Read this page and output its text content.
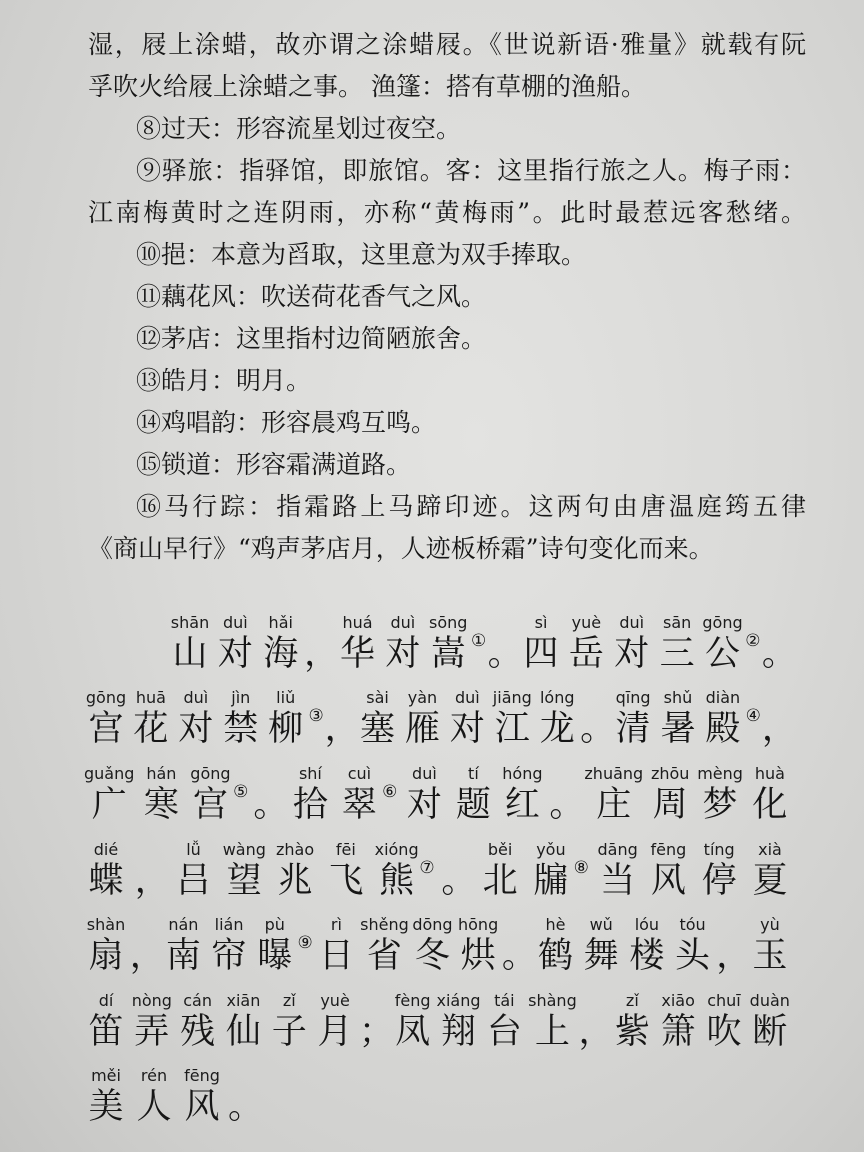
湿，屐上涂蜡，故亦谓之涂蜡屐。《世说新语·雅量》就载有阮
孚吹火给屐上涂蜡之事。 渔篷：搭有草棚的渔船。
⑧过天：形容流星划过夜空。
⑨驿旅：指驿馆，即旅馆。客：这里指行旅之人。梅子雨：
江南梅黄时之连阴雨，亦称“黄梅雨”。此时最惹远客愁绪。
⑩挹：本意为舀取，这里意为双手捧取。
⑪藕花风：吹送荷花香气之风。
⑫茅店：这里指村边简陋旅舍。
⑬皓月：明月。
⑭鸡唱韵：形容晨鸡互鸣。
⑮锁道：形容霜满道路。
⑯马行踪：指霜路上马蹄印迹。这两句由唐温庭筠五律
《商山早行》“鸡声茅店月，人迹板桥霜”诗句变化而来。
shān
山
duì
对
hǎi
海 ，
huá
华
duì
对
sōng
嵩 ① 。
sì
四
yuè
岳
duì
对
sān
三
gōng
公 ② 。
gōng
宫
huā
花
duì
对
jìn
禁
liǔ
柳 ③ ，
sài
塞
yàn
雁
duì
对
jiāng
江
lóng
龙 。
qīng
清
shǔ
暑
diàn
殿 ④ ，
guǎng
广
hán
寒
gōng
宫 ⑤ 。
shí
拾
cuì
翠 ⑥
duì
对
tí
题
hóng
红 。
zhuāng
庄
zhōu
周
mèng
梦
huà
化
dié
蝶 ，
lǚ
吕
wàng
望
zhào
兆
fēi
飞
xióng
熊 ⑦ 。
běi
北
yǒu
牖 ⑧
dāng
当
fēng
风
tíng
停
xià
夏
shàn
扇 ，
nán
南
lián
帘
pù
曝 ⑨
rì
日
shěng
省
dōng
冬
hōng
烘 。
hè
鹤
wǔ
舞
lóu
楼
tóu
头 ，
yù
玉
dí
笛
nòng
弄
cán
残
xiān
仙
zǐ
子
yuè
月 ；
fèng
凤
xiáng
翔
tái
台
shàng
上 ，
zǐ
紫
xiāo
箫
chuī
吹
duàn
断
měi
美
rén
人
fēng
风 。
